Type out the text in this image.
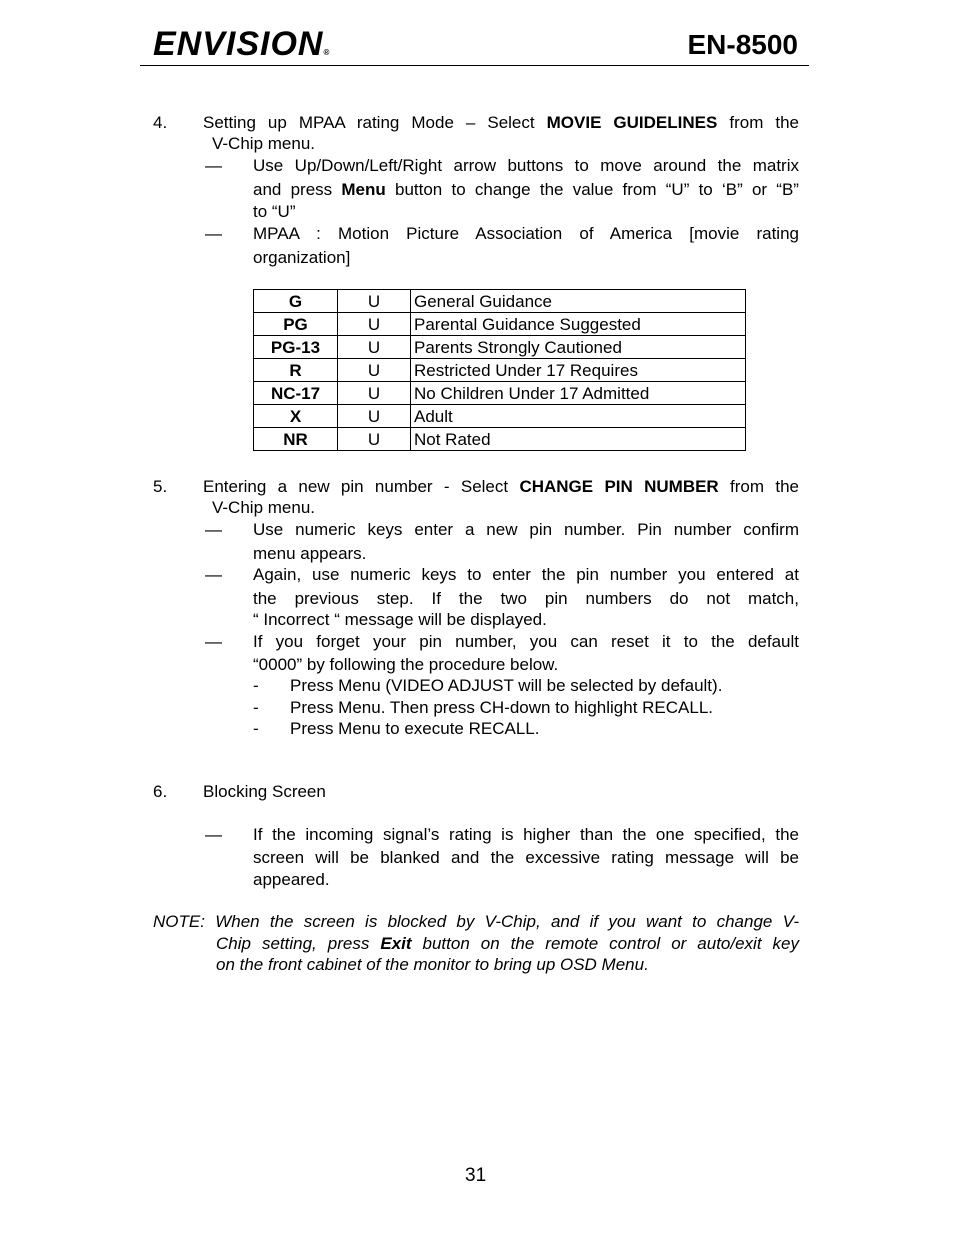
ENVISION®	EN-8500
4. Setting up MPAA rating Mode – Select MOVIE GUIDELINES from the
V-Chip menu.
— Use Up/Down/Left/Right arrow buttons to move around the matrix
and press Menu button to change the value from “U” to ‘B” or “B”
to “U”
— MPAA : Motion Picture Association of America [movie rating
organization]
G	U	General Guidance
PG	U	Parental Guidance Suggested
PG-13	U	Parents Strongly Cautioned
R	U	Restricted Under 17 Requires
NC-17	U	No Children Under 17 Admitted
X	U	Adult
NR	U	Not Rated
5. Entering a new pin number - Select CHANGE PIN NUMBER from the
V-Chip menu.
— Use numeric keys enter a new pin number. Pin number confirm
menu appears.
— Again, use numeric keys to enter the pin number you entered at
the previous step. If the two pin numbers do not match,
“ Incorrect “ message will be displayed.
— If you forget your pin number, you can reset it to the default
“0000” by following the procedure below.
- Press Menu (VIDEO ADJUST will be selected by default).
- Press Menu. Then press CH-down to highlight RECALL.
- Press Menu to execute RECALL.
6. Blocking Screen
— If the incoming signal’s rating is higher than the one specified, the
screen will be blanked and the excessive rating message will be
appeared.
NOTE: When the screen is blocked by V-Chip, and if you want to change V-
Chip setting, press Exit button on the remote control or auto/exit key
on the front cabinet of the monitor to bring up OSD Menu.
31
